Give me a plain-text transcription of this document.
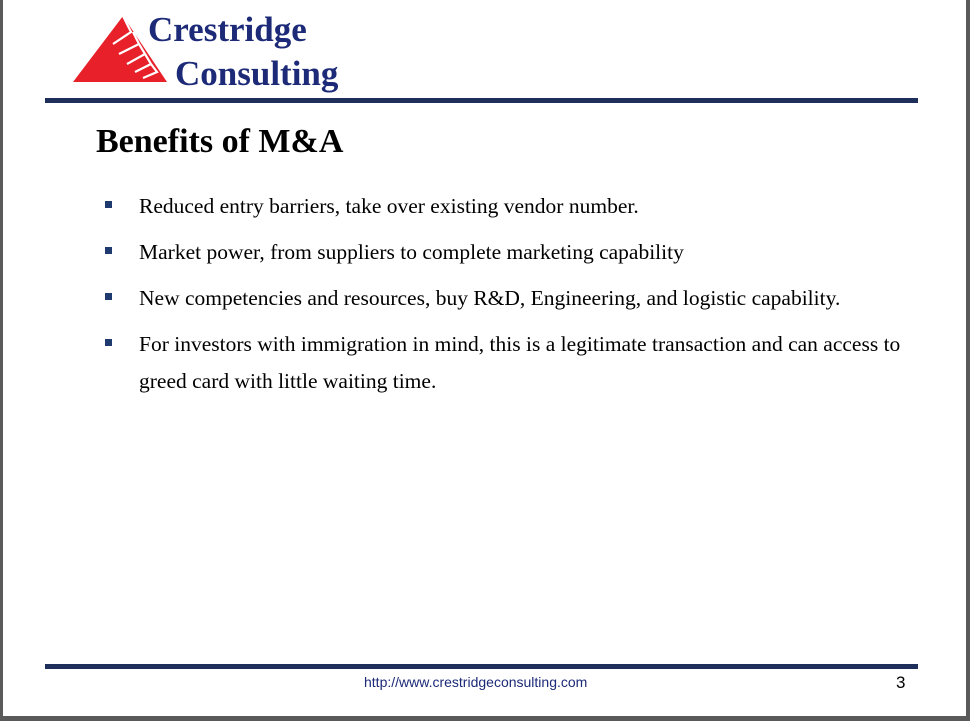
Crestridge
Consulting
Benefits of M&A
Reduced entry barriers, take over existing vendor number.
Market power, from suppliers to complete marketing capability
New competencies and resources, buy R&D, Engineering, and logistic capability.
For investors with immigration in mind, this is a legitimate transaction and can access to greed card with little waiting time.
http://www.crestridgeconsulting.com	3
